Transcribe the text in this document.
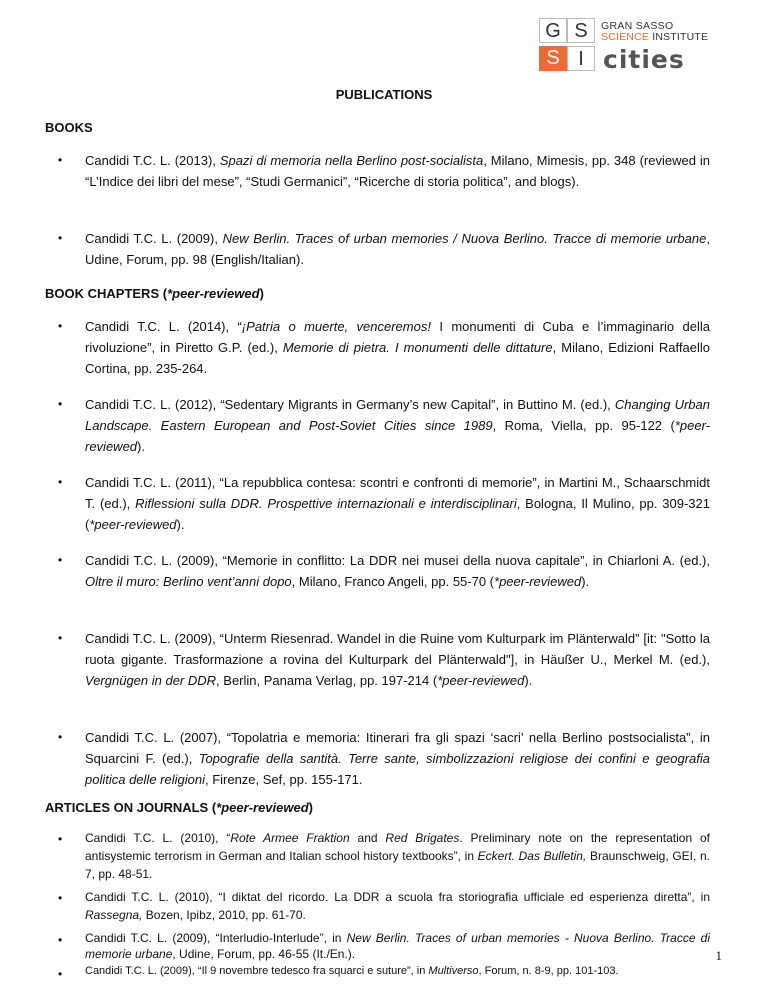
G S
S I
GRAN SASSO
SCIENCE INSTITUTE
cities
PUBLICATIONS
BOOKS
• Candidi T.C. L. (2013), Spazi di memoria nella Berlino post-socialista, Milano, Mimesis, pp. 348 (reviewed in “L’Indice dei libri del mese”, “Studi Germanici”, “Ricerche di storia politica”, and blogs).
• Candidi T.C. L. (2009), New Berlin. Traces of urban memories / Nuova Berlino. Tracce di memorie urbane, Udine, Forum, pp. 98 (English/Italian).
BOOK CHAPTERS (*peer-reviewed)
• Candidi T.C. L. (2014), “¡Patria o muerte, venceremos! I monumenti di Cuba e l’immaginario della rivoluzione”, in Piretto G.P. (ed.), Memorie di pietra. I monumenti delle dittature, Milano, Edizioni Raffaello Cortina, pp. 235-264.
• Candidi T.C. L. (2012), “Sedentary Migrants in Germany’s new Capital”, in Buttino M. (ed.), Changing Urban Landscape. Eastern European and Post-Soviet Cities since 1989, Roma, Viella, pp. 95-122 (*peer-reviewed).
• Candidi T.C. L. (2011), “La repubblica contesa: scontri e confronti di memorie”, in Martini M., Schaarschmidt T. (ed.), Riflessioni sulla DDR. Prospettive internazionali e interdisciplinari, Bologna, Il Mulino, pp. 309-321 (*peer-reviewed).
• Candidi T.C. L. (2009), “Memorie in conflitto: La DDR nei musei della nuova capitale”, in Chiarloni A. (ed.), Oltre il muro: Berlino vent’anni dopo, Milano, Franco Angeli, pp. 55-70 (*peer-reviewed).
• Candidi T.C. L. (2009), “Unterm Riesenrad. Wandel in die Ruine vom Kulturpark im Plänterwald” [it: "Sotto la ruota gigante. Trasformazione a rovina del Kulturpark del Plänterwald"], in Häußer U., Merkel M. (ed.), Vergnügen in der DDR, Berlin, Panama Verlag, pp. 197-214 (*peer-reviewed).
• Candidi T.C. L. (2007), “Topolatria e memoria: Itinerari fra gli spazi ‘sacri’ nella Berlino postsocialista”, in Squarcini F. (ed.), Topografie della santità. Terre sante, simbolizzazioni religiose dei confini e geografia politica delle religioni, Firenze, Sef, pp. 155-171.
ARTICLES ON JOURNALS (*peer-reviewed)
• Candidi T.C. L. (2010), “Rote Armee Fraktion and Red Brigates. Preliminary note on the representation of antisystemic terrorism in German and Italian school history textbooks”, in Eckert. Das Bulletin, Braunschweig, GEI, n. 7, pp. 48-51.
• Candidi T.C. L. (2010), “I diktat del ricordo. La DDR a scuola fra storiografia ufficiale ed esperienza diretta”, in Rassegna, Bozen, Ipibz, 2010, pp. 61-70.
• Candidi T.C. L. (2009), “Interludio-Interlude”, in New Berlin. Traces of urban memories - Nuova Berlino. Tracce di memorie urbane, Udine, Forum, pp. 46-55 (It./En.).
• Candidi T.C. L. (2009), “Il 9 novembre tedesco fra squarci e suture”, in Multiverso, Forum, n. 8-9, pp. 101-103.
1
